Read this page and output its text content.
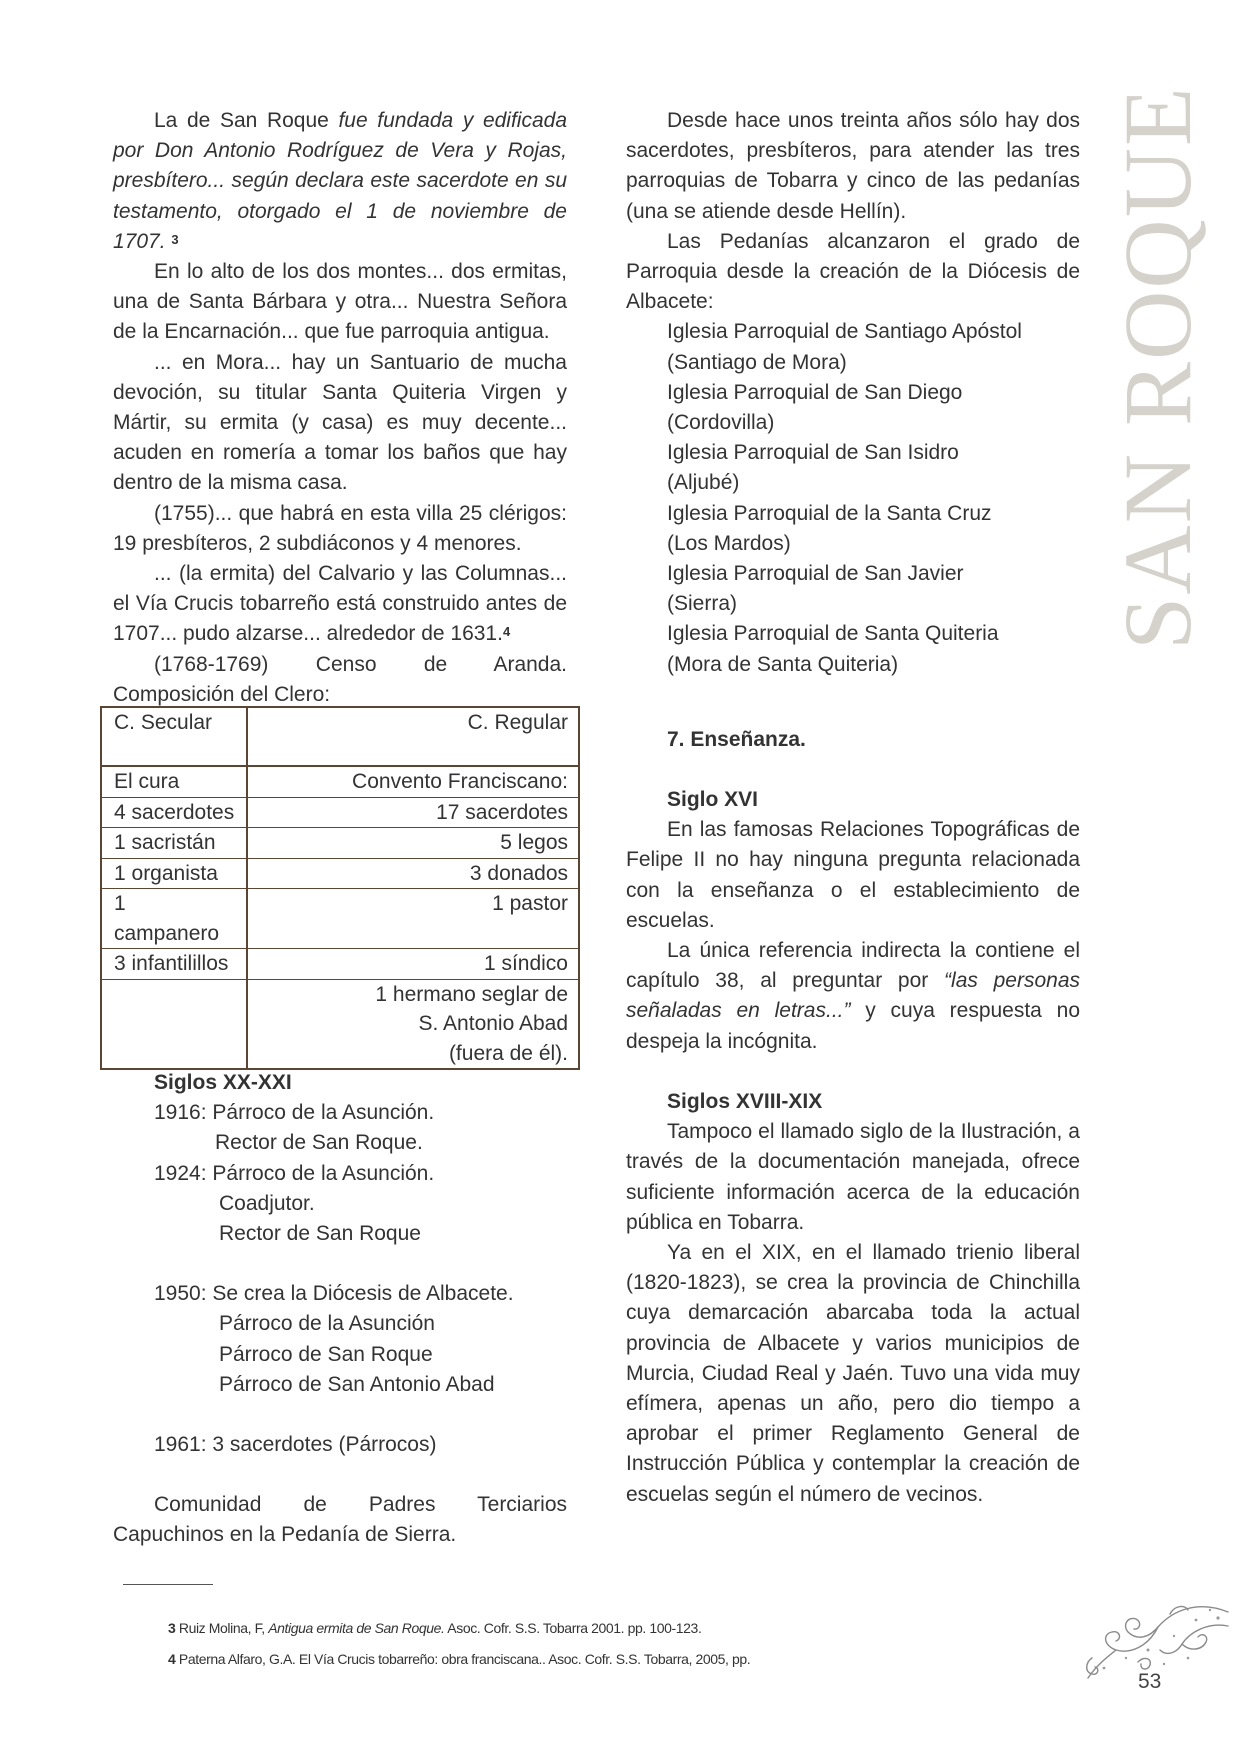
SAN ROQUE

La de San Roque fue fundada y edificada por Don Antonio Rodríguez de Vera y Rojas, presbítero... según declara este sacerdote en su testamento, otorgado el 1 de noviembre de 1707. $^3$

En lo alto de los dos montes... dos ermitas, una de Santa Bárbara y otra... Nuestra Señora de la Encarnación... que fue parroquia antigua.

... en Mora... hay un Santuario de mucha devoción, su titular Santa Quiteria Virgen y Mártir, su ermita (y casa) es muy decente... acuden en romería a tomar los baños que hay dentro de la misma casa.

(1755)... que habrá en esta villa 25 clérigos: 19 presbíteros, 2 subdiáconos y 4 menores.

... (la ermita) del Calvario y las Columnas... el Vía Crucis tobarreño está construido antes de 1707... pudo alzarse... alrededor de 1631.$^4$

(1768-1769) Censo de Aranda. Composición del Clero:

C. Secular	C. Regular
El cura	Convento Franciscano:
4 sacerdotes	17 sacerdotes
1 sacristán	5 legos
1 organista	3 donados
1 campanero	1 pastor
3 infantilillos	1 síndico

	1 hermano seglar de
S. Antonio Abad
(fuera de él).

Siglos XX-XXI

1916: Párroco de la Asunción.

Rector de San Roque.

1924: Párroco de la Asunción.

Coadjutor.

Rector de San Roque

1950: Se crea la Diócesis de Albacete.

Párroco de la Asunción

Párroco de San Roque

Párroco de San Antonio Abad

1961: 3 sacerdotes (Párrocos)

Comunidad de Padres Terciarios Capuchinos en la Pedanía de Sierra.

Desde hace unos treinta años sólo hay dos sacerdotes, presbíteros, para atender las tres parroquias de Tobarra y cinco de las pedanías (una se atiende desde Hellín).

Las Pedanías alcanzaron el grado de Parroquia desde la creación de la Diócesis de Albacete:

Iglesia Parroquial de Santiago Apóstol

(Santiago de Mora)

Iglesia Parroquial de San Diego

(Cordovilla)

Iglesia Parroquial de San Isidro

(Aljubé)

Iglesia Parroquial de la Santa Cruz

(Los Mardos)

Iglesia Parroquial de San Javier

(Sierra)

Iglesia Parroquial de Santa Quiteria

(Mora de Santa Quiteria)

7. Enseñanza.

Siglo XVI

En las famosas Relaciones Topográficas de Felipe II no hay ninguna pregunta relacionada con la enseñanza o el establecimiento de escuelas.

La única referencia indirecta la contiene el capítulo 38, al preguntar por “las personas señaladas en letras...” y cuya respuesta no despeja la incógnita.

Siglos XVIII-XIX

Tampoco el llamado siglo de la Ilustración, a través de la documentación manejada, ofrece suficiente información acerca de la educación pública en Tobarra.

Ya en el XIX, en el llamado trienio liberal (1820-1823), se crea la provincia de Chinchilla cuya demarcación abarcaba toda la actual provincia de Albacete y varios municipios de Murcia, Ciudad Real y Jaén. Tuvo una vida muy efímera, apenas un año, pero dio tiempo a aprobar el primer Reglamento General de Instrucción Pública y contemplar la creación de escuelas según el número de vecinos.

3 Ruiz Molina, F, Antigua ermita de San Roque. Asoc. Cofr. S.S. Tobarra 2001. pp. 100-123.
4 Paterna Alfaro, G.A. El Vía Crucis tobarreño: obra franciscana.. Asoc. Cofr. S.S. Tobarra, 2005, pp.
53
